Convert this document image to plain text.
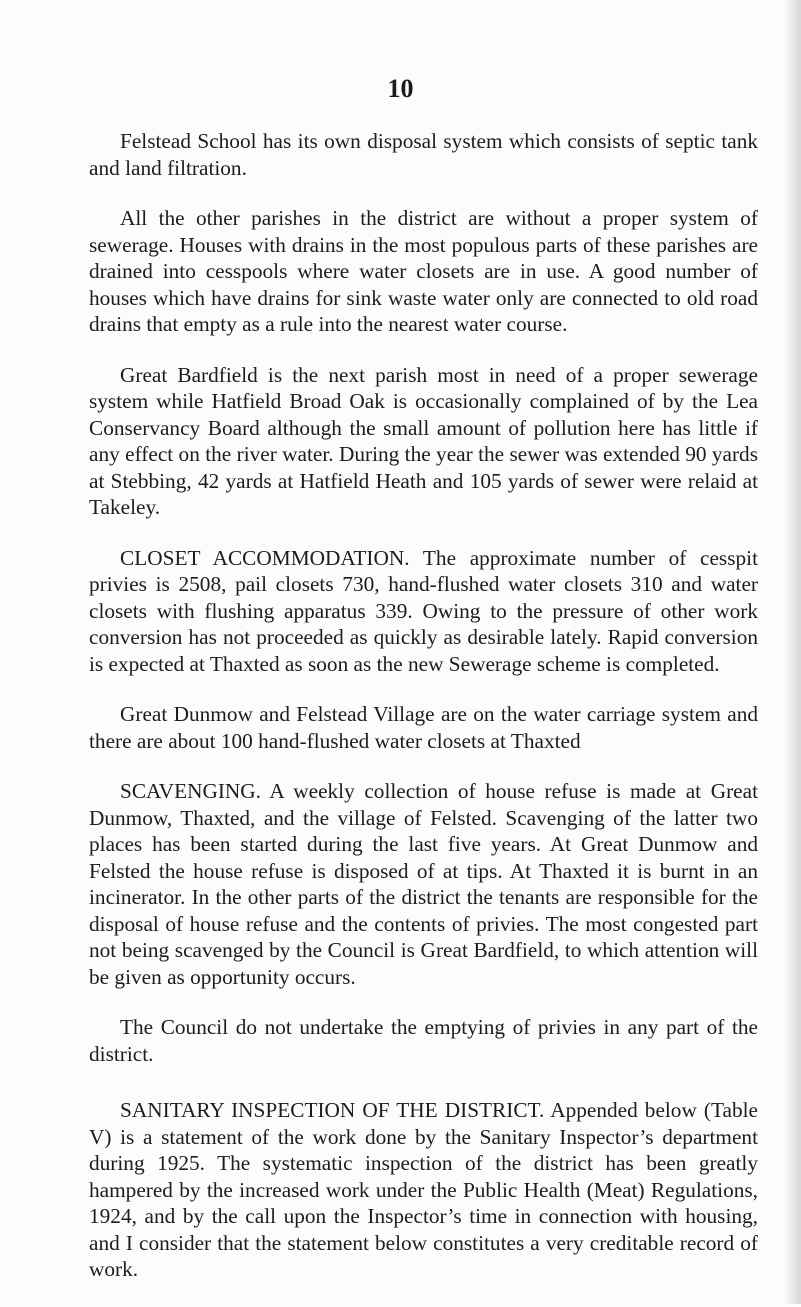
10

Felstead School has its own disposal system which consists of septic tank and land filtration.

All the other parishes in the district are without a proper system of sewerage. Houses with drains in the most populous parts of these parishes are drained into cesspools where water closets are in use. A good number of houses which have drains for sink waste water only are connected to old road drains that empty as a rule into the nearest water course.

Great Bardfield is the next parish most in need of a proper sewerage system while Hatfield Broad Oak is occasionally complained of by the Lea Conservancy Board although the small amount of pollution here has little if any effect on the river water. During the year the sewer was extended 90 yards at Stebbing, 42 yards at Hatfield Heath and 105 yards of sewer were relaid at Takeley.

CLOSET ACCOMMODATION. The approximate number of cesspit privies is 2508, pail closets 730, hand-flushed water closets 310 and water closets with flushing apparatus 339. Owing to the pressure of other work conversion has not proceeded as quickly as desirable lately. Rapid conversion is expected at Thaxted as soon as the new Sewerage scheme is completed.

Great Dunmow and Felstead Village are on the water carriage system and there are about 100 hand-flushed water closets at Thaxted

SCAVENGING. A weekly collection of house refuse is made at Great Dunmow, Thaxted, and the village of Felsted. Scavenging of the latter two places has been started during the last five years. At Great Dunmow and Felsted the house refuse is disposed of at tips. At Thaxted it is burnt in an incinerator. In the other parts of the district the tenants are responsible for the disposal of house refuse and the contents of privies. The most congested part not being scavenged by the Council is Great Bardfield, to which attention will be given as opportunity occurs.

The Council do not undertake the emptying of privies in any part of the district.

SANITARY INSPECTION OF THE DISTRICT. Appended below (Table V) is a statement of the work done by the Sanitary Inspector’s department during 1925. The systematic inspection of the district has been greatly hampered by the increased work under the Public Health (Meat) Regulations, 1924, and by the call upon the Inspector’s time in connection with housing, and I consider that the statement below constitutes a very creditable record of work.
